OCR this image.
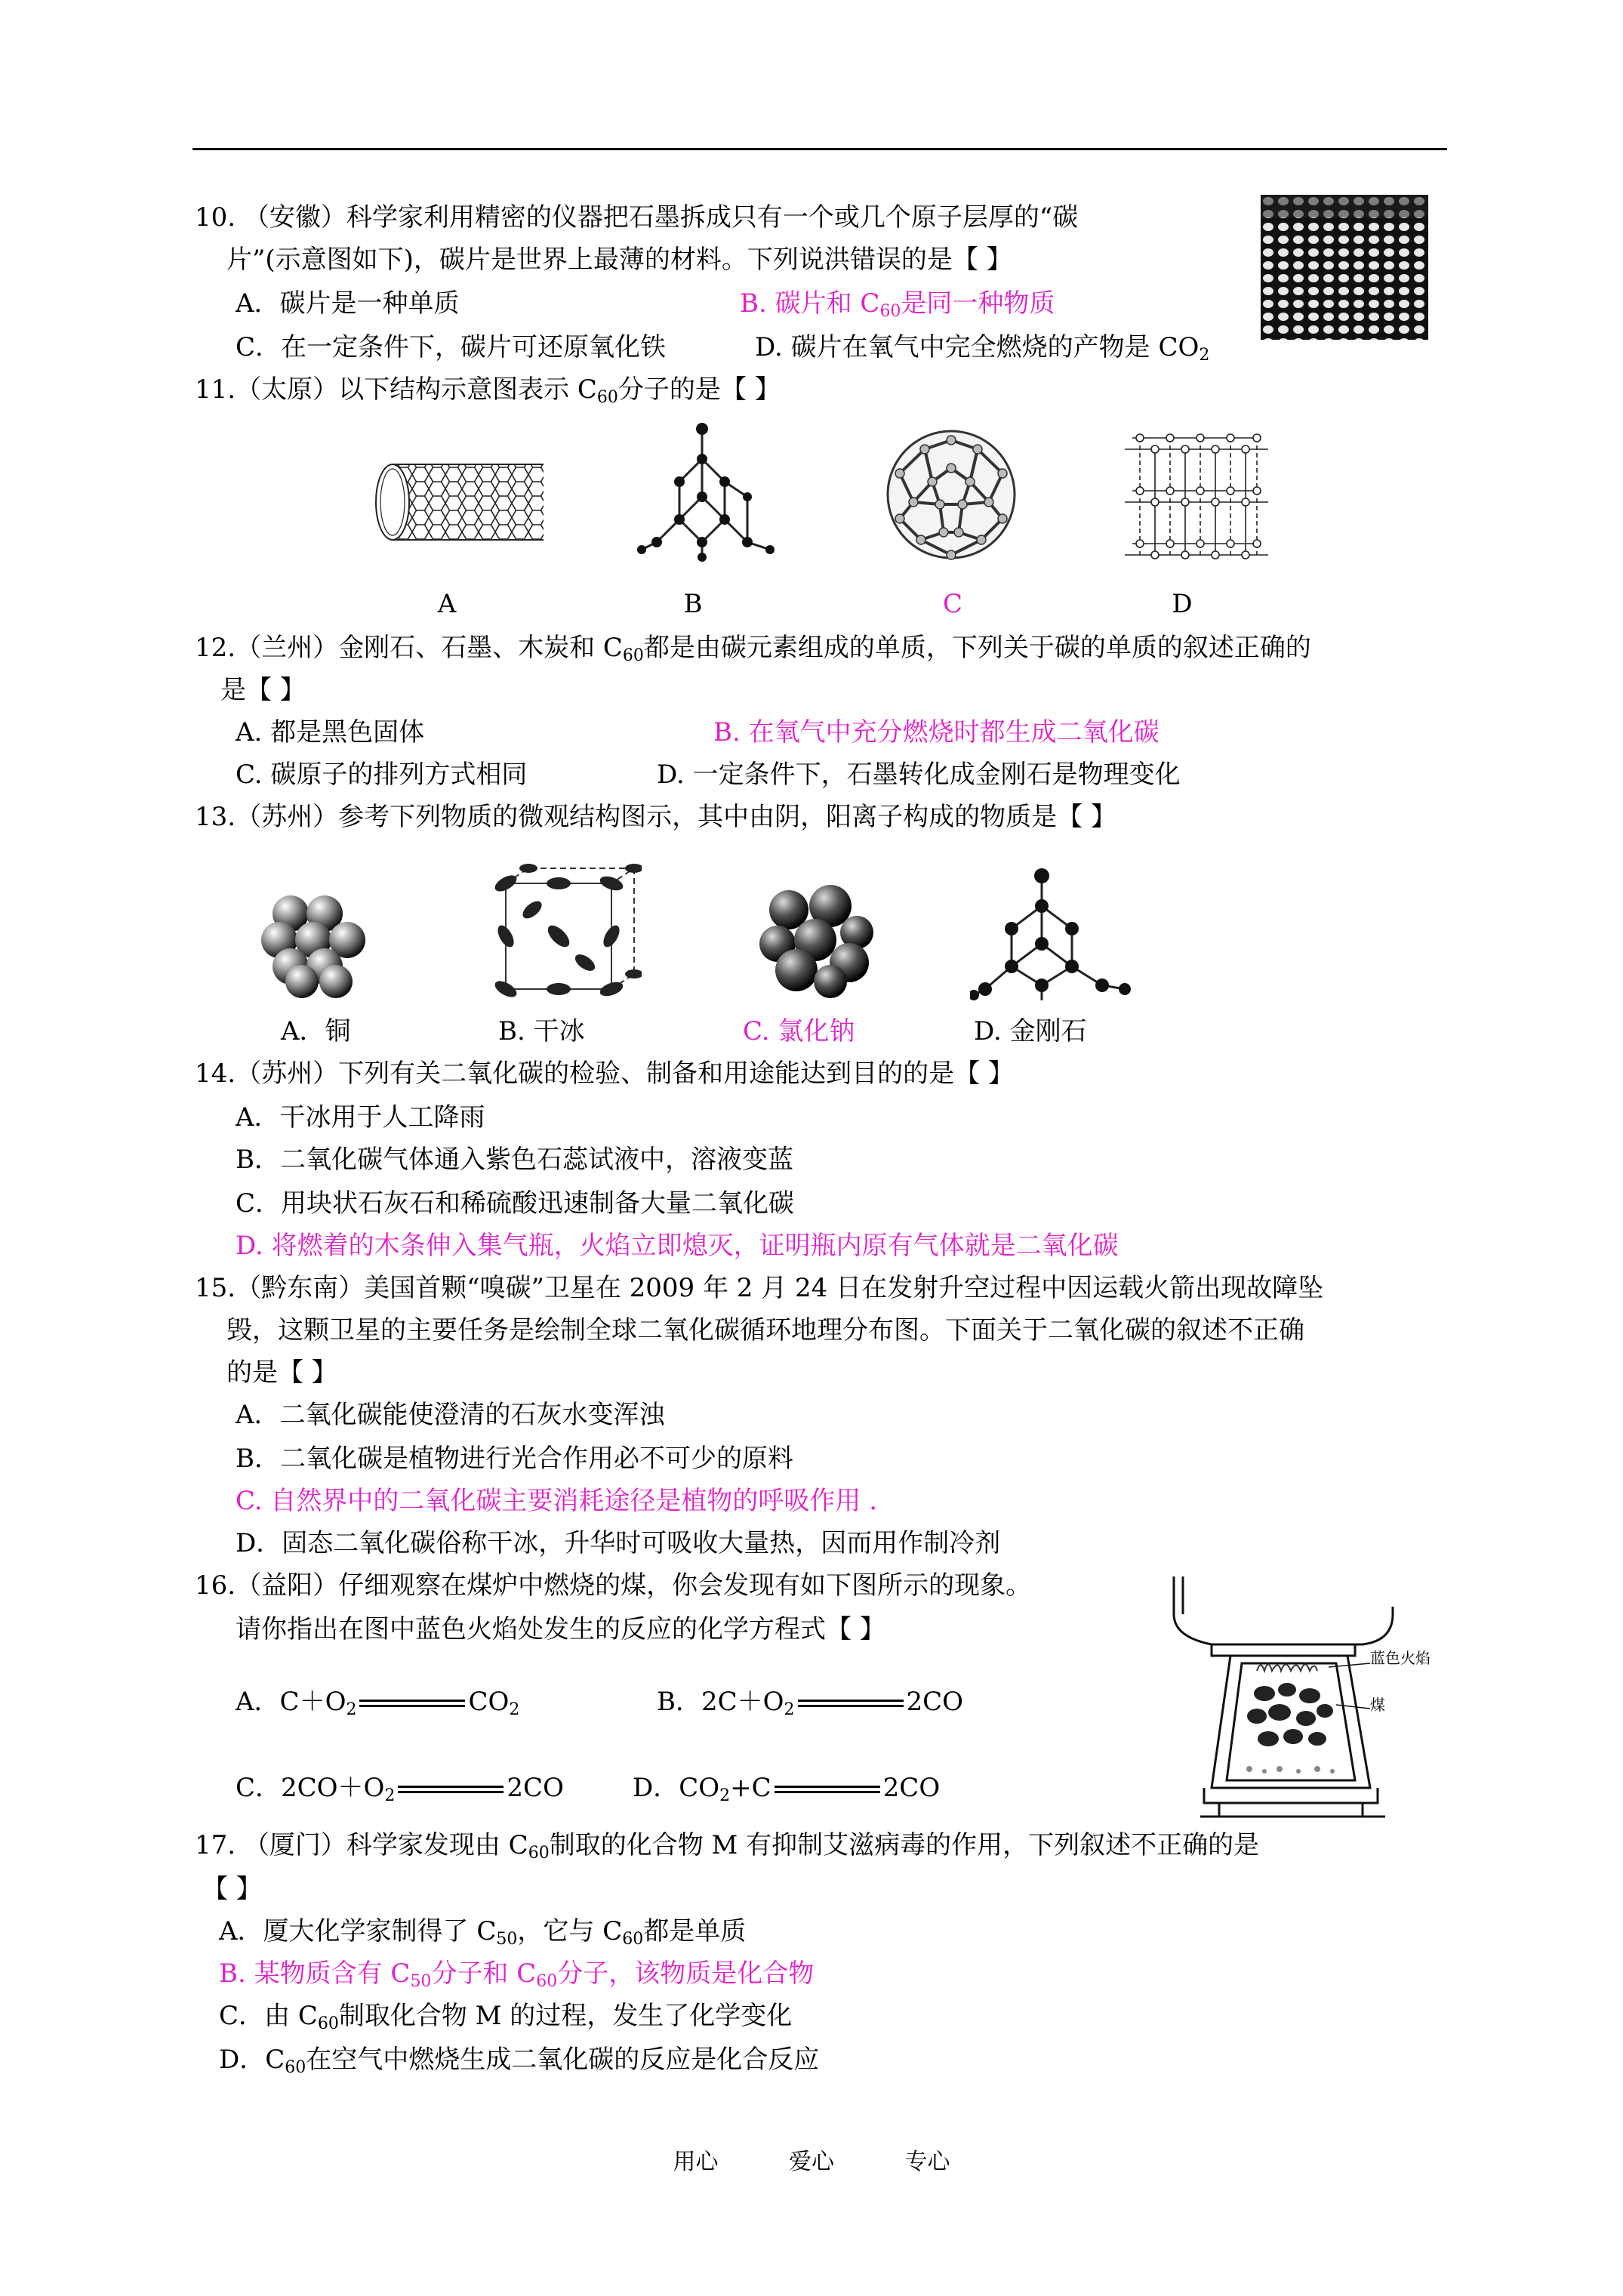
10. （安徽）科学家利用精密的仪器把石墨拆成只有一个或几个原子层厚的“碳
片”(示意图如下)，碳片是世界上最薄的材料。下列说洪错误的是【 】
A．碳片是一种单质	B. 碳片和 $C_{60}$是同一种物质
C．在一定条件下，碳片可还原氧化铁	D. 碳片在氧气中完全燃烧的产物是 $CO_2$
11.（太原）以下结构示意图表示 $C_{60}$分子的是【 】
A	B	C	D
12.（兰州）金刚石、石墨、木炭和 $C_{60}$都是由碳元素组成的单质，下列关于碳的单质的叙述正确的
是【 】
A. 都是黑色固体	B. 在氧气中充分燃烧时都生成二氧化碳
C. 碳原子的排列方式相同	D. 一定条件下，石墨转化成金刚石是物理变化
13.（苏州）参考下列物质的微观结构图示，其中由阴，阳离子构成的物质是【 】
A．铜	B. 干冰	C. 氯化钠	D. 金刚石
14.（苏州）下列有关二氧化碳的检验、制备和用途能达到目的的是【 】
A．干冰用于人工降雨
B．二氧化碳气体通入紫色石蕊试液中，溶液变蓝
C．用块状石灰石和稀硫酸迅速制备大量二氧化碳
D. 将燃着的木条伸入集气瓶，火焰立即熄灭，证明瓶内原有气体就是二氧化碳
15.（黔东南）美国首颗“嗅碳”卫星在 2009 年 2 月 24 日在发射升空过程中因运载火箭出现故障坠
毁，这颗卫星的主要任务是绘制全球二氧化碳循环地理分布图。下面关于二氧化碳的叙述不正确
的是【 】
A．二氧化碳能使澄清的石灰水变浑浊
B．二氧化碳是植物进行光合作用必不可少的原料
C. 自然界中的二氧化碳主要消耗途径是植物的呼吸作用 .
D．固态二氧化碳俗称干冰，升华时可吸收大量热，因而用作制冷剂
16.（益阳）仔细观察在煤炉中燃烧的煤，你会发现有如下图所示的现象。
请你指出在图中蓝色火焰处发生的反应的化学方程式【 】
A．$C+O_2$	$CO_2$	B．$2C+O_2$	2CO
C．$2CO+O_2$	2CO	D．$CO_2+C$	2CO
蓝色火焰
煤
17. （厦门）科学家发现由 $C_{60}$制取的化合物 M 有抑制艾滋病毒的作用，下列叙述不正确的是
【 】
A．厦大化学家制得了 $C_{50}$，它与 $C_{60}$都是单质
B. 某物质含有 $C_{50}$分子和 $C_{60}$分子，该物质是化合物
C．由 $C_{60}$制取化合物 M 的过程，发生了化学变化
D．$C_{60}$在空气中燃烧生成二氧化碳的反应是化合反应
用心	爱心	专心
